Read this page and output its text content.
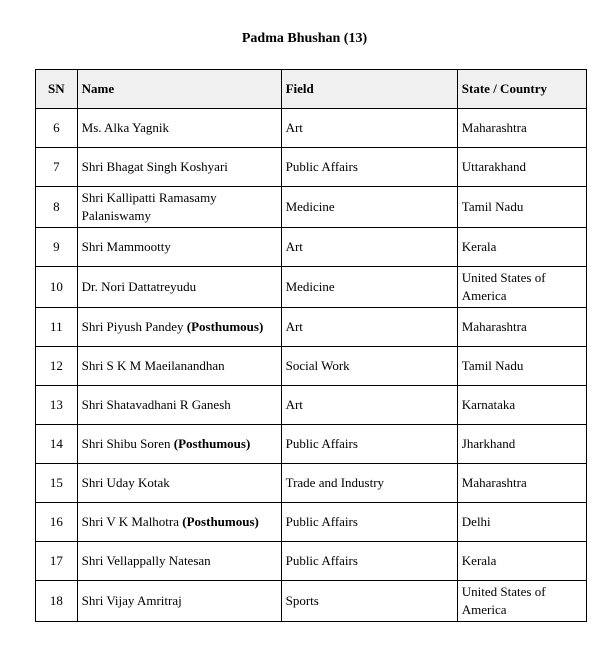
Padma Bhushan (13)
SN	Name	Field	State / Country
6	Ms. Alka Yagnik	Art	Maharashtra
7	Shri Bhagat Singh Koshyari	Public Affairs	Uttarakhand
8	Shri Kallipatti Ramasamy Palaniswamy	Medicine	Tamil Nadu
9	Shri Mammootty	Art	Kerala
10	Dr. Nori Dattatreyudu	Medicine	United States of America
11	Shri Piyush Pandey (Posthumous)	Art	Maharashtra
12	Shri S K M Maeilanandhan	Social Work	Tamil Nadu
13	Shri Shatavadhani R Ganesh	Art	Karnataka
14	Shri Shibu Soren (Posthumous)	Public Affairs	Jharkhand
15	Shri Uday Kotak	Trade and Industry	Maharashtra
16	Shri V K Malhotra (Posthumous)	Public Affairs	Delhi
17	Shri Vellappally Natesan	Public Affairs	Kerala
18	Shri Vijay Amritraj	Sports	United States of America
